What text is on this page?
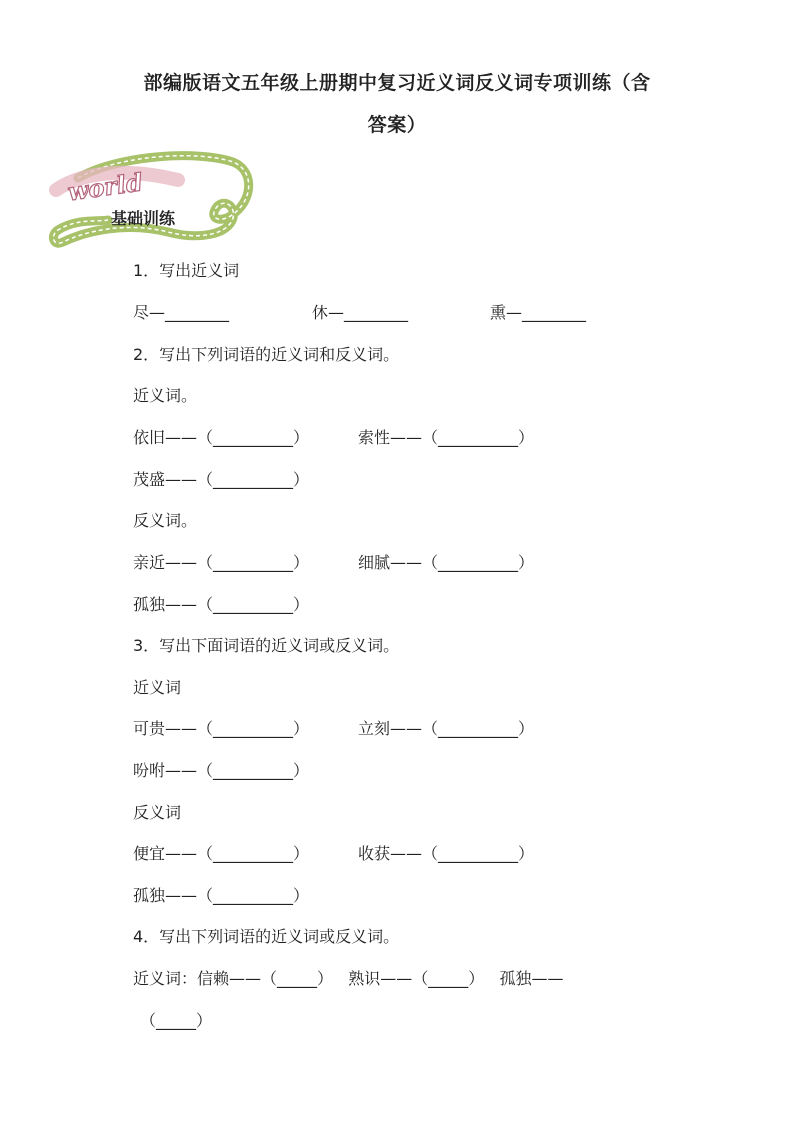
部编版语文五年级上册期中复习近义词反义词专项训练（含
答案）
world
基础训练
1．写出近义词
尽—________	休—________	熏—________
2．写出下列词语的近义词和反义词。
近义词。
依旧——（__________）	索性——（__________）
茂盛——（__________）
反义词。
亲近——（__________）	细腻——（__________）
孤独——（__________）
3．写出下面词语的近义词或反义词。
近义词
可贵——（__________）	立刻——（__________）
吩咐——（__________）
反义词
便宜——（__________）	收获——（__________）
孤独——（__________）
4．写出下列词语的近义词或反义词。
近义词：信赖——（_____）   熟识——（_____）   孤独——
（_____）
